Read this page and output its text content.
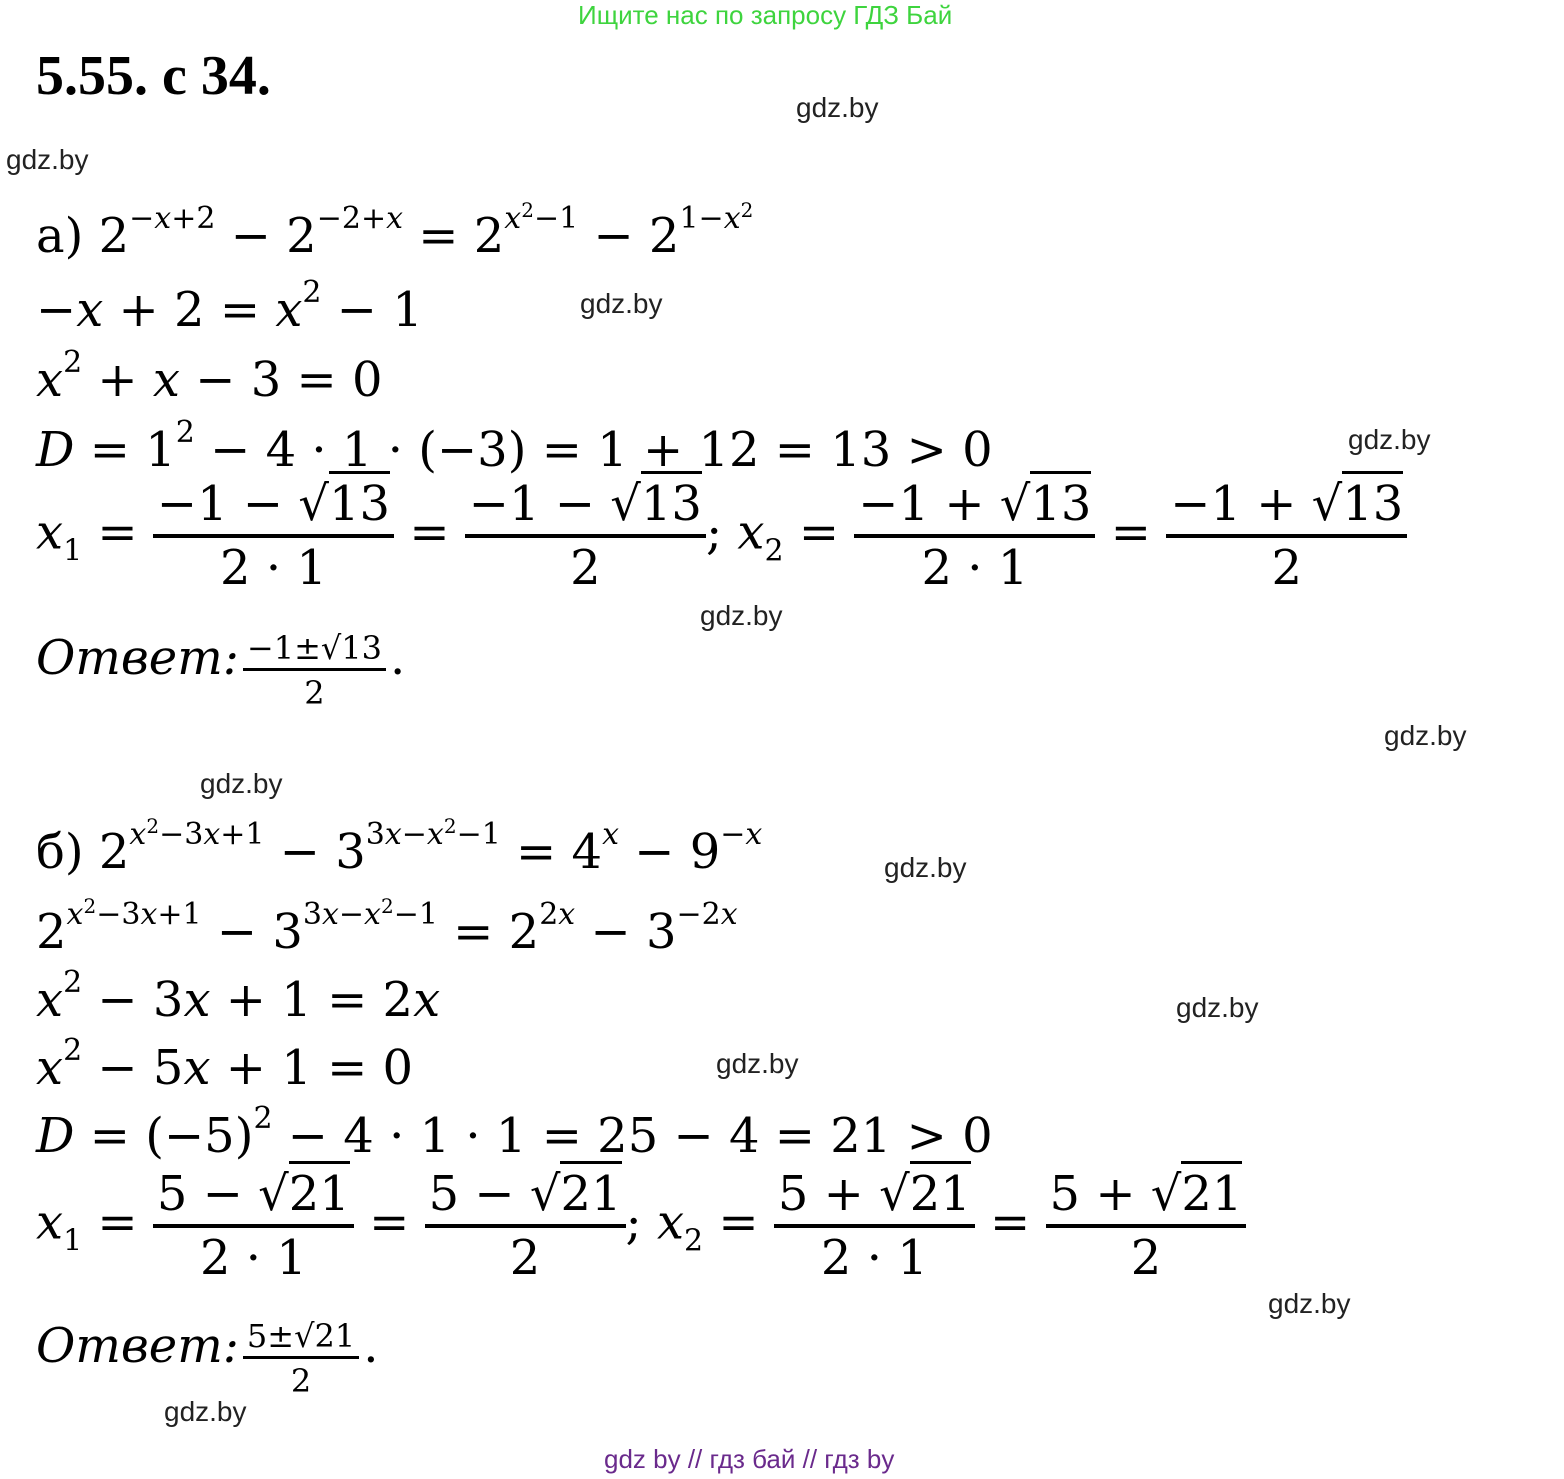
Ищите нас по запросу ГДЗ Бай
5.55. с 34.
gdz.by
gdz.by
gdz.by
gdz.by
gdz.by
gdz.by
gdz.by
gdz.by
gdz.by
gdz.by
gdz.by
gdz.by
а) $2^{-x+2} - 2^{-2+x} = 2^{x^2-1} - 2^{1-x^2}$
$-x + 2 = x^2 - 1$
$x^2 + x - 3 = 0$
$D = 1^2 - 4 \cdot 1 \cdot (-3) = 1 + 12 = 13 > 0$
$x_1 = \frac{-1 - √13}{2 \cdot 1} = \frac{-1 - √13}{2}$ ; $x_2 = \frac{-1 + √13}{2 \cdot 1} = \frac{-1 + √13}{2}$
Ответ: $\frac{-1\pm√13}{2}$ .
б) $2^{x^2-3x+1} - 3^{3x-x^2-1} = 4^x - 9^{-x}$
$2^{x^2-3x+1} - 3^{3x-x^2-1} = 2^{2x} - 3^{-2x}$
$x^2 - 3x + 1 = 2x$
$x^2 - 5x + 1 = 0$
$D = (-5)^2 - 4 \cdot 1 \cdot 1 = 25 - 4 = 21 > 0$
$x_1 = \frac{5 - √21}{2 \cdot 1} = \frac{5 - √21}{2}$ ; $x_2 = \frac{5 + √21}{2 \cdot 1} = \frac{5 + √21}{2}$
Ответ: $\frac{5\pm√21}{2}$ .
gdz by // гдз бай // гдз by
